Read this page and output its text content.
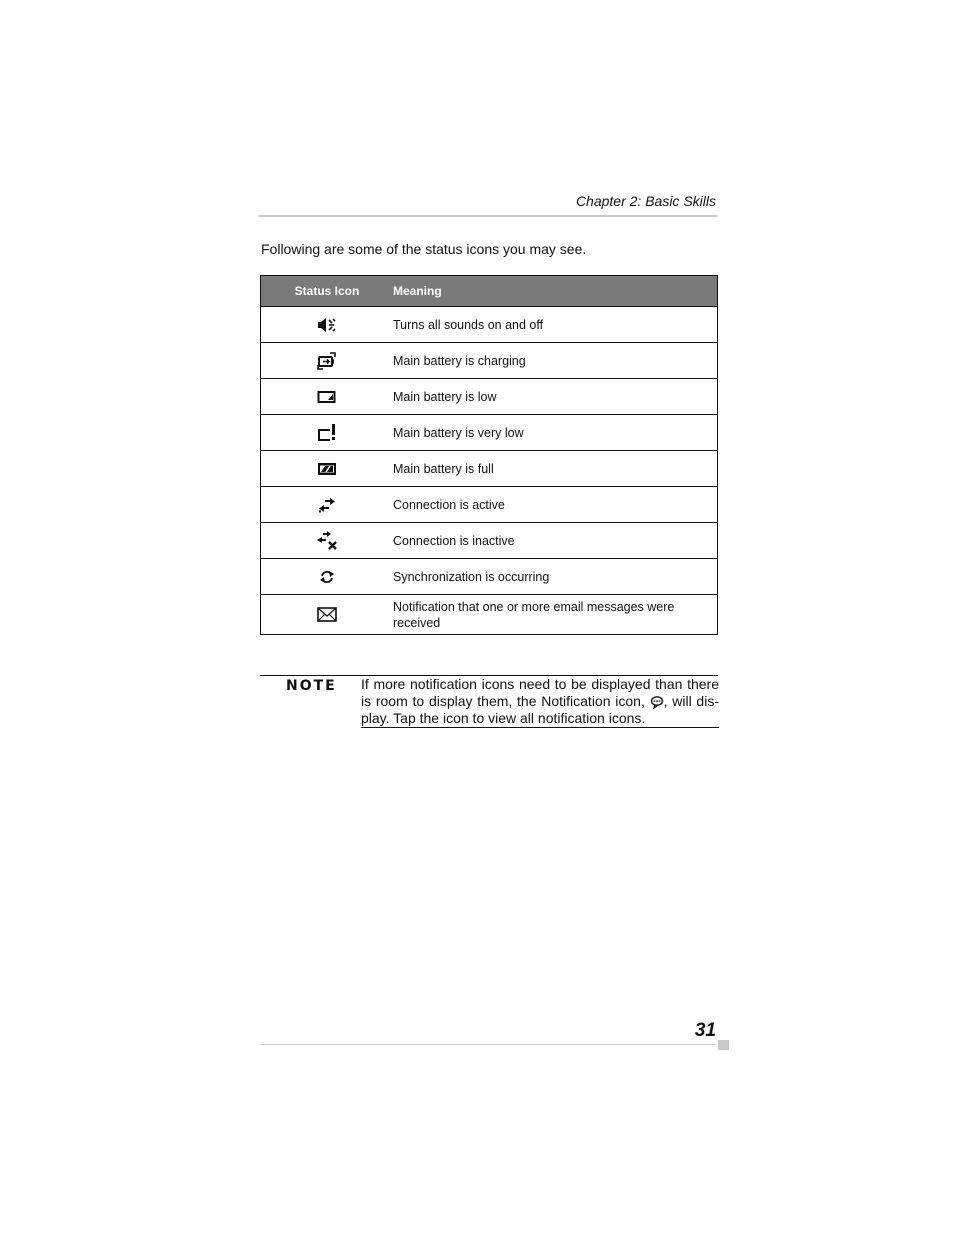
Chapter 2: Basic Skills
Following are some of the status icons you may see.
Status Icon	Meaning
	Turns all sounds on and off
	Main battery is charging
	Main battery is low
	Main battery is very low
	Main battery is full
	Connection is active
	Connection is inactive
	Synchronization is occurring
	Notification that one or more email messages were received
NOTE If more notification icons need to be displayed than there is room to display them, the Notification icon, , will display. Tap the icon to view all notification icons.
31
